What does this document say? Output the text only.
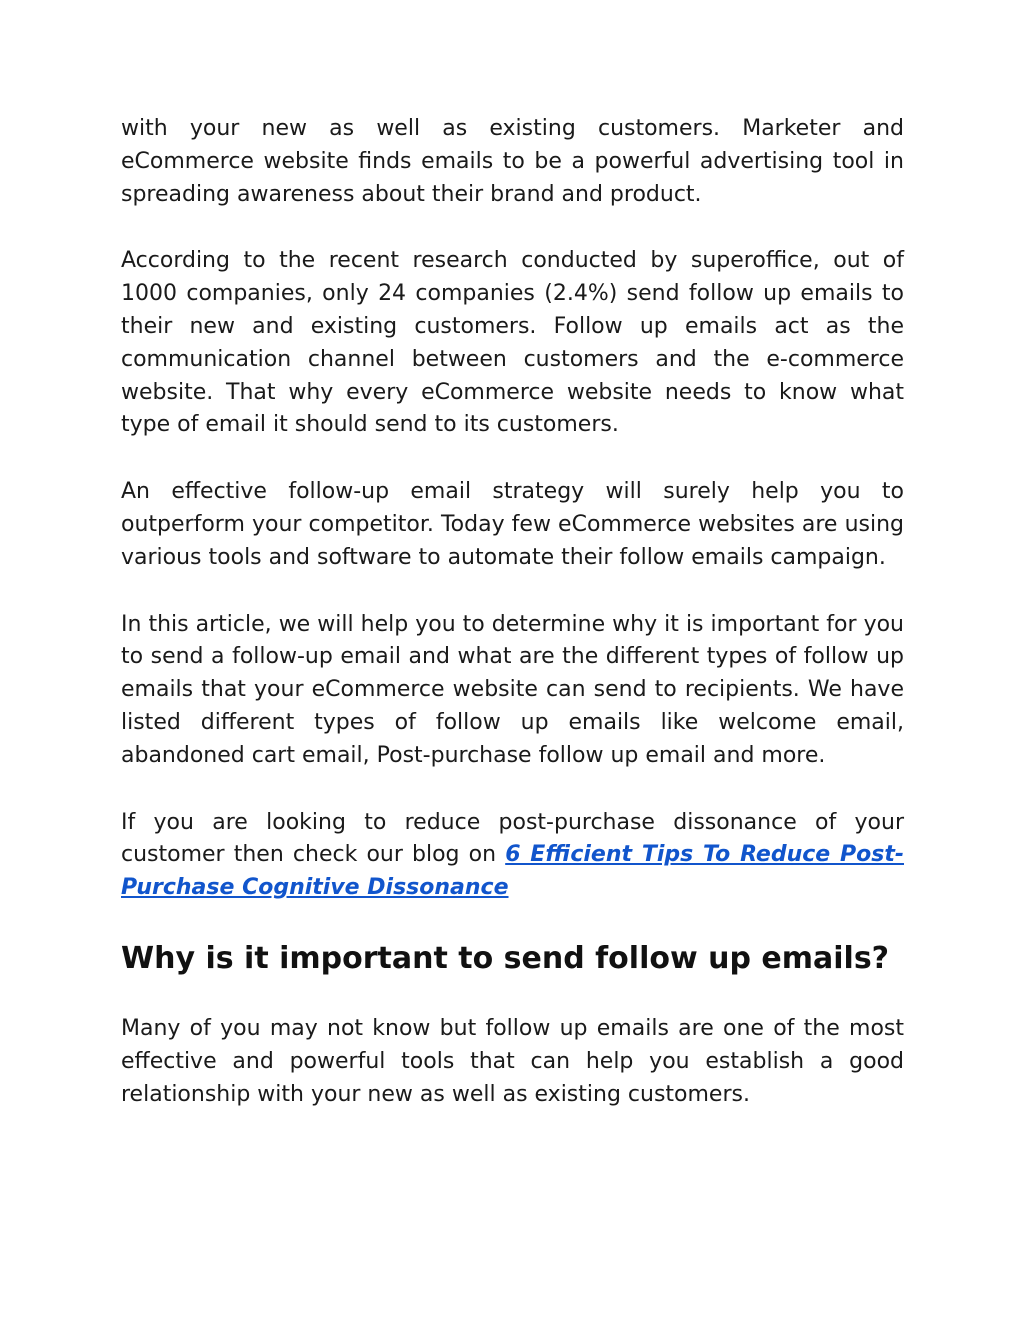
with your new as well as existing customers. Marketer and eCommerce website finds emails to be a powerful advertising tool in spreading awareness about their brand and product.

According to the recent research conducted by superoffice, out of 1000 companies, only 24 companies (2.4%) send follow up emails to their new and existing customers. Follow up emails act as the communication channel between customers and the e-commerce website. That why every eCommerce website needs to know what type of email it should send to its customers.

An effective follow-up email strategy will surely help you to outperform your competitor. Today few eCommerce websites are using various tools and software to automate their follow emails campaign.

In this article, we will help you to determine why it is important for you to send a follow-up email and what are the different types of follow up emails that your eCommerce website can send to recipients. We have listed different types of follow up emails like welcome email, abandoned cart email, Post-purchase follow up email and more.

If you are looking to reduce post-purchase dissonance of your customer then check our blog on 6 Efficient Tips To Reduce Post-Purchase Cognitive Dissonance

Why is it important to send follow up emails?

Many of you may not know but follow up emails are one of the most effective and powerful tools that can help you establish a good relationship with your new as well as existing customers.
